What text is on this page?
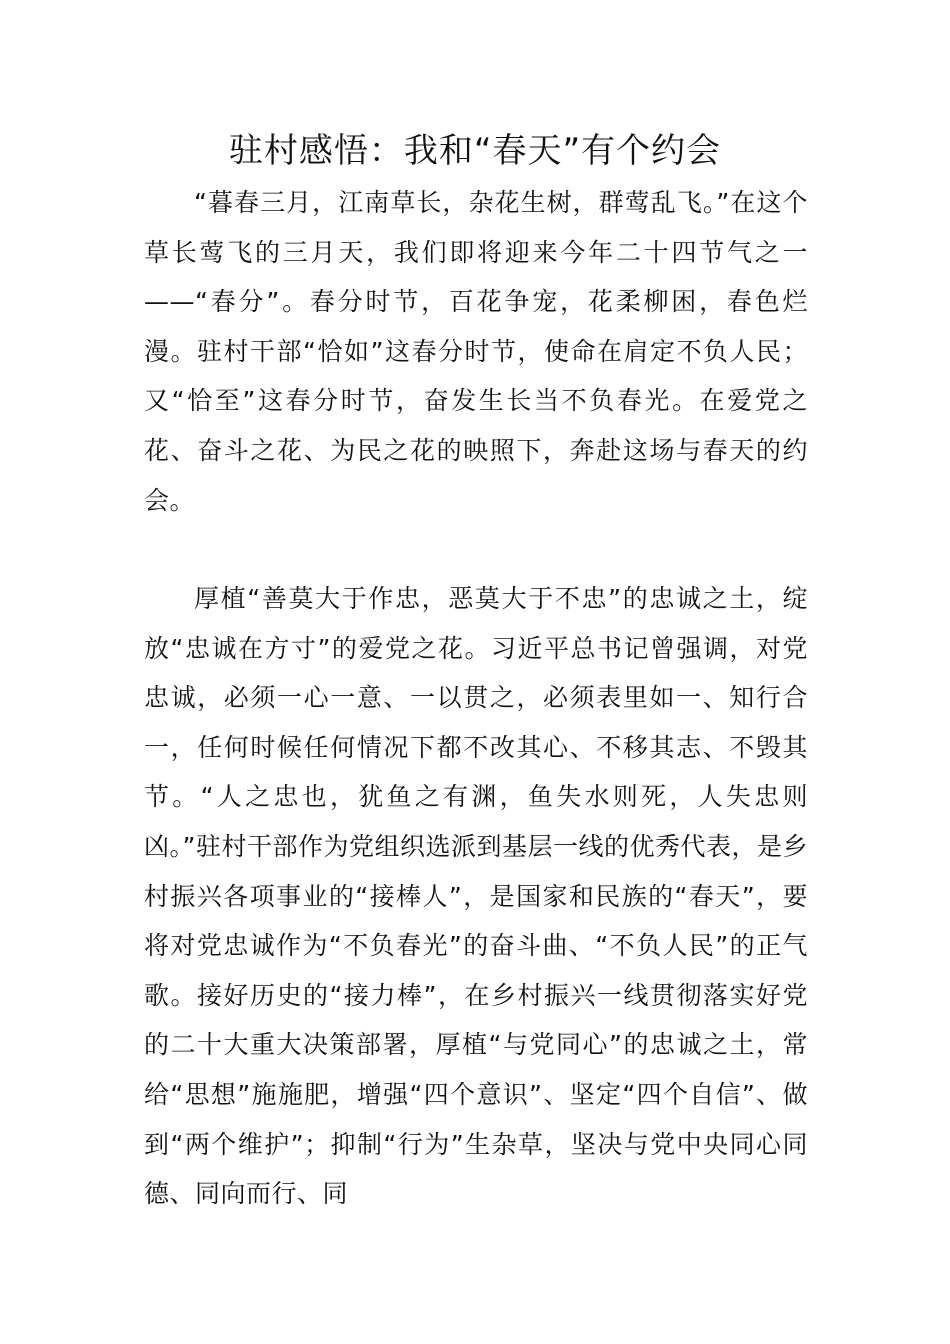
驻村感悟：我和“春天”有个约会

“暮春三月，江南草长，杂花生树，群莺乱飞。”在这个草长莺飞的三月天，我们即将迎来今年二十四节气之一——“春分”。春分时节，百花争宠，花柔柳困，春色烂漫。驻村干部“恰如”这春分时节，使命在肩定不负人民；又“恰至”这春分时节，奋发生长当不负春光。在爱党之花、奋斗之花、为民之花的映照下，奔赴这场与春天的约会。

厚植“善莫大于作忠，恶莫大于不忠”的忠诚之土，绽放“忠诚在方寸”的爱党之花。习近平总书记曾强调，对党忠诚，必须一心一意、一以贯之，必须表里如一、知行合一，任何时候任何情况下都不改其心、不移其志、不毁其节。“人之忠也，犹鱼之有渊，鱼失水则死，人失忠则凶。”驻村干部作为党组织选派到基层一线的优秀代表，是乡村振兴各项事业的“接棒人”，是国家和民族的“春天”，要将对党忠诚作为“不负春光”的奋斗曲、“不负人民”的正气歌。接好历史的“接力棒”，在乡村振兴一线贯彻落实好党的二十大重大决策部署，厚植“与党同心”的忠诚之土，常给“思想”施施肥，增强“四个意识”、坚定“四个自信”、做到“两个维护”；抑制“行为”生杂草，坚决与党中央同心同德、同向而行、同
